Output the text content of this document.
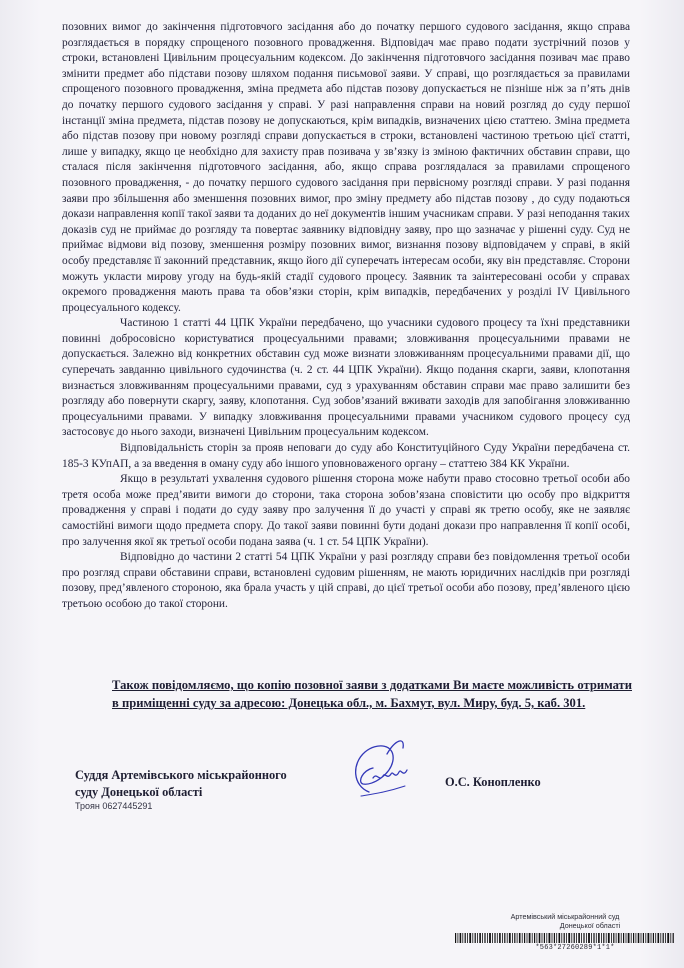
позовних вимог до закінчення підготовчого засідання або до початку першого судового засідання, якщо справа розглядається в порядку спрощеного позовного провадження. Відповідач має право подати зустрічний позов у строки, встановлені Цивільним процесуальним кодексом. До закінчення підготовчого засідання позивач має право змінити предмет або підстави позову шляхом подання письмової заяви. У справі, що розглядається за правилами спрощеного позовного провадження, зміна предмета або підстав позову допускається не пізніше ніж за п’ять днів до початку першого судового засідання у справі. У разі направлення справи на новий розгляд до суду першої інстанції зміна предмета, підстав позову не допускаються, крім випадків, визначених цією статтею. Зміна предмета або підстав позову при новому розгляді справи допускається в строки, встановлені частиною третьою цієї статті, лише у випадку, якщо це необхідно для захисту прав позивача у зв’язку із зміною фактичних обставин справи, що сталася після закінчення підготовчого засідання, або, якщо справа розглядалася за правилами спрощеного позовного провадження, - до початку першого судового засідання при первісному розгляді справи. У разі подання заяви про збільшення або зменшення позовних вимог, про зміну предмету або підстав позову , до суду подаються докази направлення копії такої заяви та доданих до неї документів іншим учасникам справи. У разі неподання таких доказів суд не приймає до розгляду та повертає заявнику відповідну заяву, про що зазначає у рішенні суду. Суд не приймає відмови від позову, зменшення розміру позовних вимог, визнання позову відповідачем у справі, в якій особу представляє її законний представник, якщо його дії суперечать інтересам особи, яку він представляє. Сторони можуть укласти мирову угоду на будь-якій стадії судового процесу. Заявник та заінтересовані особи у справах окремого провадження мають права та обов’язки сторін, крім випадків, передбачених у розділі IV Цивільного процесуального кодексу.

Частиною 1 статті 44 ЦПК України передбачено, що учасники судового процесу та їхні представники повинні добросовісно користуватися процесуальними правами; зловживання процесуальними правами не допускається. Залежно від конкретних обставин суд може визнати зловживанням процесуальними правами дії, що суперечать завданню цивільного судочинства (ч. 2 ст. 44 ЦПК України). Якщо подання скарги, заяви, клопотання визнається зловживанням процесуальними правами, суд з урахуванням обставин справи має право залишити без розгляду або повернути скаргу, заяву, клопотання. Суд зобов’язаний вживати заходів для запобігання зловживанню процесуальними правами. У випадку зловживання процесуальними правами учасником судового процесу суд застосовує до нього заходи, визначені Цивільним процесуальним кодексом.

Відповідальність сторін за прояв неповаги до суду або Конституційного Суду України передбачена ст. 185-3 КУпАП, а за введення в оману суду або іншого уповноваженого органу – статтею 384 КК України.

Якщо в результаті ухвалення судового рішення сторона може набути право стосовно третьої особи або третя особа може пред’явити вимоги до сторони, така сторона зобов’язана сповістити цю особу про відкриття провадження у справі і подати до суду заяву про залучення її до участі у справі як третю особу, яке не заявляє самостійні вимоги щодо предмета спору. До такої заяви повинні бути додані докази про направлення її копії особі, про залучення якої як третьої особи подана заява (ч. 1 ст. 54 ЦПК України).

Відповідно до частини 2 статті 54 ЦПК України у разі розгляду справи без повідомлення третьої особи про розгляд справи обставини справи, встановлені судовим рішенням, не мають юридичних наслідків при розгляді позову, пред’явленого стороною, яка брала участь у цій справі, до цієї третьої особи або позову, пред’явленого цією третьою особою до такої сторони.

Також повідомляємо, що копію позовної заяви з додатками Ви маєте можливість отримати в приміщенні суду за адресою: Донецька обл., м. Бахмут, вул. Миру, буд. 5, каб. 301.
Суддя Артемівського міськрайонного
суду Донецької області
Троян 0627445291
О.С. Конопленко
Артемівський міськрайонний суд
Донецької області
*563*27260289*1*1*
